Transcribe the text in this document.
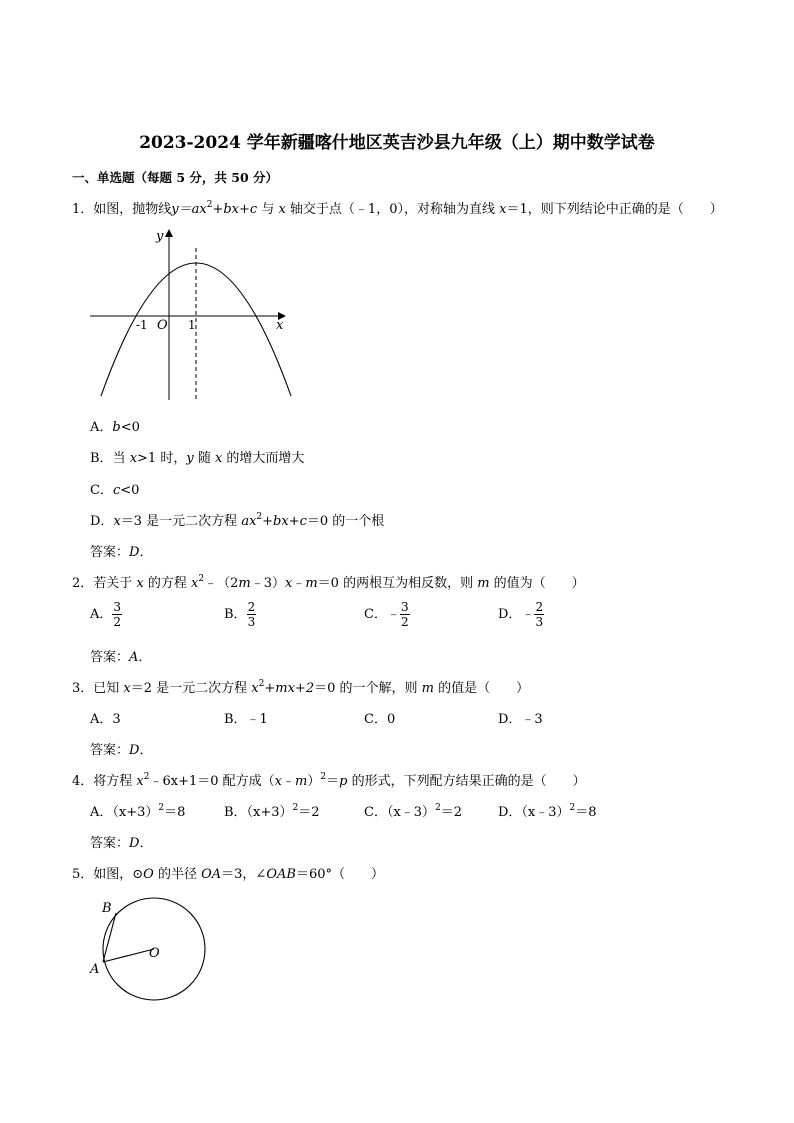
2023-2024 学年新疆喀什地区英吉沙县九年级（上）期中数学试卷
一、单选题（每题 5 分，共 50 分）
1．如图，抛物线$y=ax^2+bx+c$ 与 x 轴交于点（﹣1，0），对称轴为直线 x＝1，则下列结论中正确的是（　　）
y
x
O
-1	1
A．b<0
B．当 x>1 时，y 随 x 的增大而增大
C．c<0
D．x＝3 是一元二次方程 $ax^2+bx+c=0$ 的一个根
答案：D．
2．若关于 x 的方程 $x^2﹣(2m﹣3)x﹣m=0$ 的两根互为相反数，则 m 的值为（　　）
A． $\frac{3}{2}$	B． $\frac{2}{3}$	C．﹣ $\frac{3}{2}$	D．﹣ $\frac{2}{3}$
答案：A．
3．已知 x＝2 是一元二次方程 $x^2+mx+2=0$ 的一个解，则 m 的值是（　　）
A．3	B．﹣1	C．0	D．﹣3
答案：D．
4．将方程 $x^2﹣6x+1=0$ 配方成（x﹣m）$^2$＝p 的形式，下列配方结果正确的是（　　）
A．$(x+3)^2=8$	B．$(x+3)^2=2$	C．（x﹣3）$^2$＝2	D．（x﹣3）$^2$＝8
答案：D．
5．如图，⊙O 的半径 OA＝3，∠OAB＝60°（　　）
B
O
A
